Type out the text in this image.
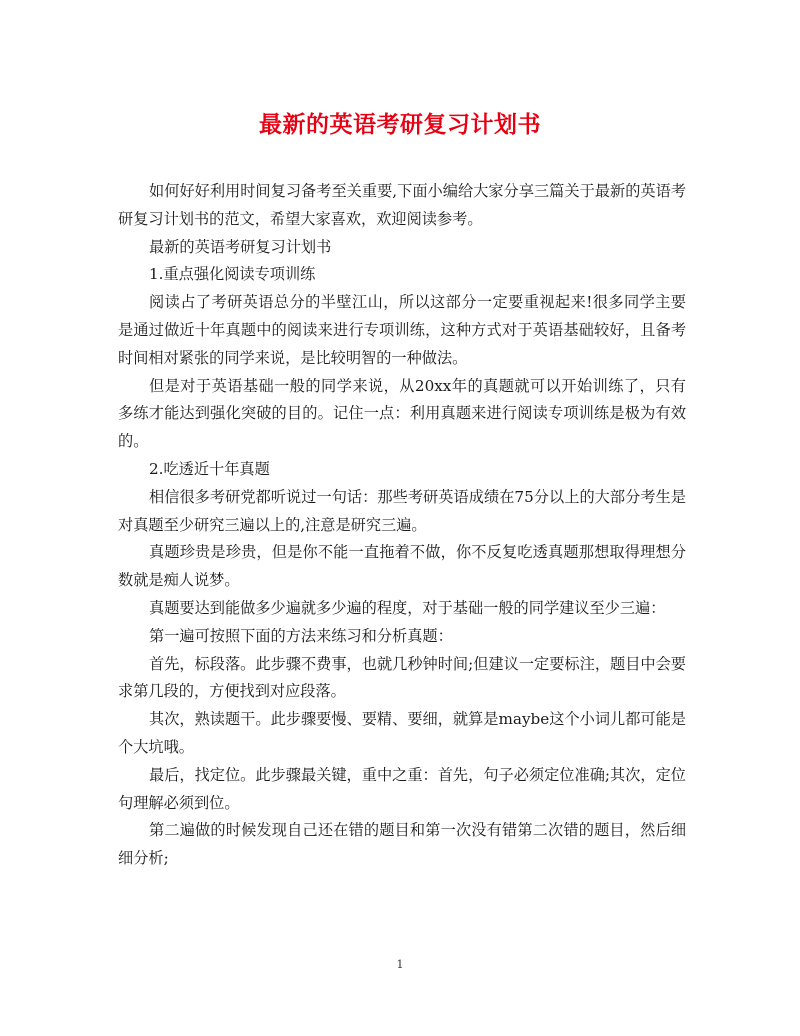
最新的英语考研复习计划书

如何好好利用时间复习备考至关重要,下面小编给大家分享三篇关于最新的英语考研复习计划书的范文，希望大家喜欢，欢迎阅读参考。

最新的英语考研复习计划书

1.重点强化阅读专项训练

阅读占了考研英语总分的半壁江山，所以这部分一定要重视起来!很多同学主要是通过做近十年真题中的阅读来进行专项训练，这种方式对于英语基础较好，且备考时间相对紧张的同学来说，是比较明智的一种做法。

但是对于英语基础一般的同学来说，从20xx年的真题就可以开始训练了，只有多练才能达到强化突破的目的。记住一点：利用真题来进行阅读专项训练是极为有效的。

2.吃透近十年真题

相信很多考研党都听说过一句话：那些考研英语成绩在75分以上的大部分考生是对真题至少研究三遍以上的,注意是研究三遍。

真题珍贵是珍贵，但是你不能一直拖着不做，你不反复吃透真题那想取得理想分数就是痴人说梦。

真题要达到能做多少遍就多少遍的程度，对于基础一般的同学建议至少三遍：

第一遍可按照下面的方法来练习和分析真题：

首先，标段落。此步骤不费事，也就几秒钟时间;但建议一定要标注，题目中会要求第几段的，方便找到对应段落。

其次，熟读题干。此步骤要慢、要精、要细，就算是maybe这个小词儿都可能是个大坑哦。

最后，找定位。此步骤最关键，重中之重：首先，句子必须定位准确;其次，定位句理解必须到位。

第二遍做的时候发现自己还在错的题目和第一次没有错第二次错的题目，然后细细分析;

1
